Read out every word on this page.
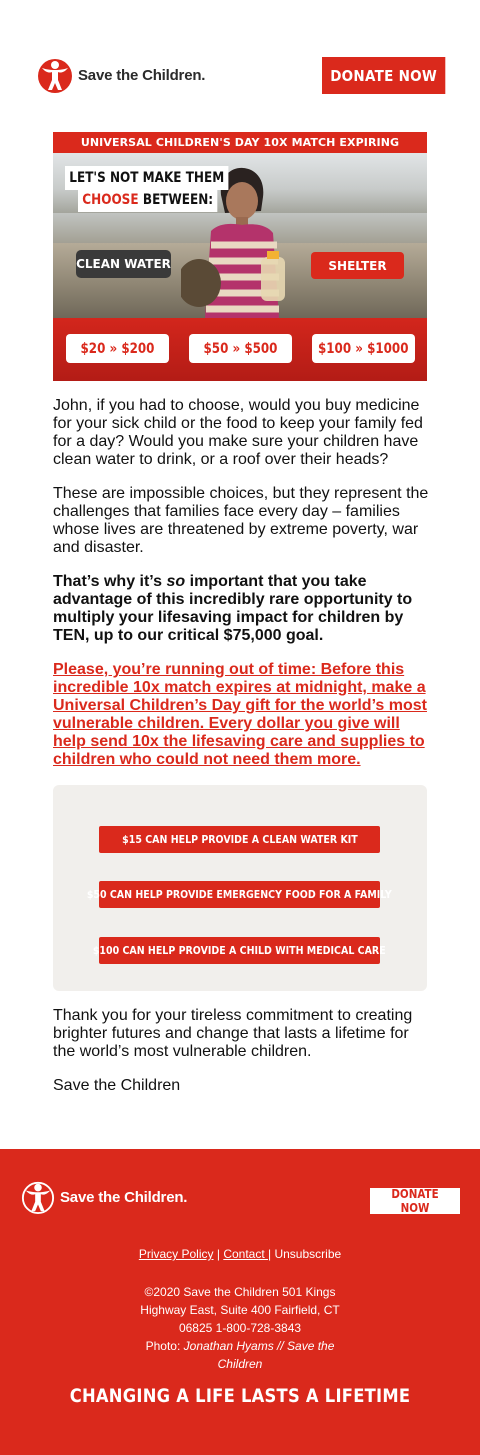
Save the Children.	DONATE NOW
UNIVERSAL CHILDREN'S DAY 10X MATCH EXPIRING
LET'S NOT MAKE THEM
CHOOSE BETWEEN:
CLEAN WATER	SHELTER
$20 » $200	$50 » $500	$100 » $1000

John, if you had to choose, would you buy medicine for your sick child or the food to keep your family fed for a day? Would you make sure your children have clean water to drink, or a roof over their heads?

These are impossible choices, but they represent the challenges that families face every day – families whose lives are threatened by extreme poverty, war and disaster.

That’s why it’s so important that you take advantage of this incredibly rare opportunity to multiply your lifesaving impact for children by TEN, up to our critical $75,000 goal.

Please, you’re running out of time: Before this incredible 10x match expires at midnight, make a Universal Children’s Day gift for the world’s most vulnerable children. Every dollar you give will help send 10x the lifesaving care and supplies to children who could not need them more.

$15 CAN HELP PROVIDE A CLEAN WATER KIT
$50 CAN HELP PROVIDE EMERGENCY FOOD FOR A FAMILY
$100 CAN HELP PROVIDE A CHILD WITH MEDICAL CARE

Thank you for your tireless commitment to creating brighter futures and change that lasts a lifetime for the world’s most vulnerable children.

Save the Children

Save the Children.	DONATE NOW
Privacy Policy | Contact | Unsubscribe
©2020 Save the Children 501 Kings Highway East, Suite 400 Fairfield, CT 06825 1-800-728-3843
Photo: Jonathan Hyams // Save the Children
CHANGING A LIFE LASTS A LIFETIME
